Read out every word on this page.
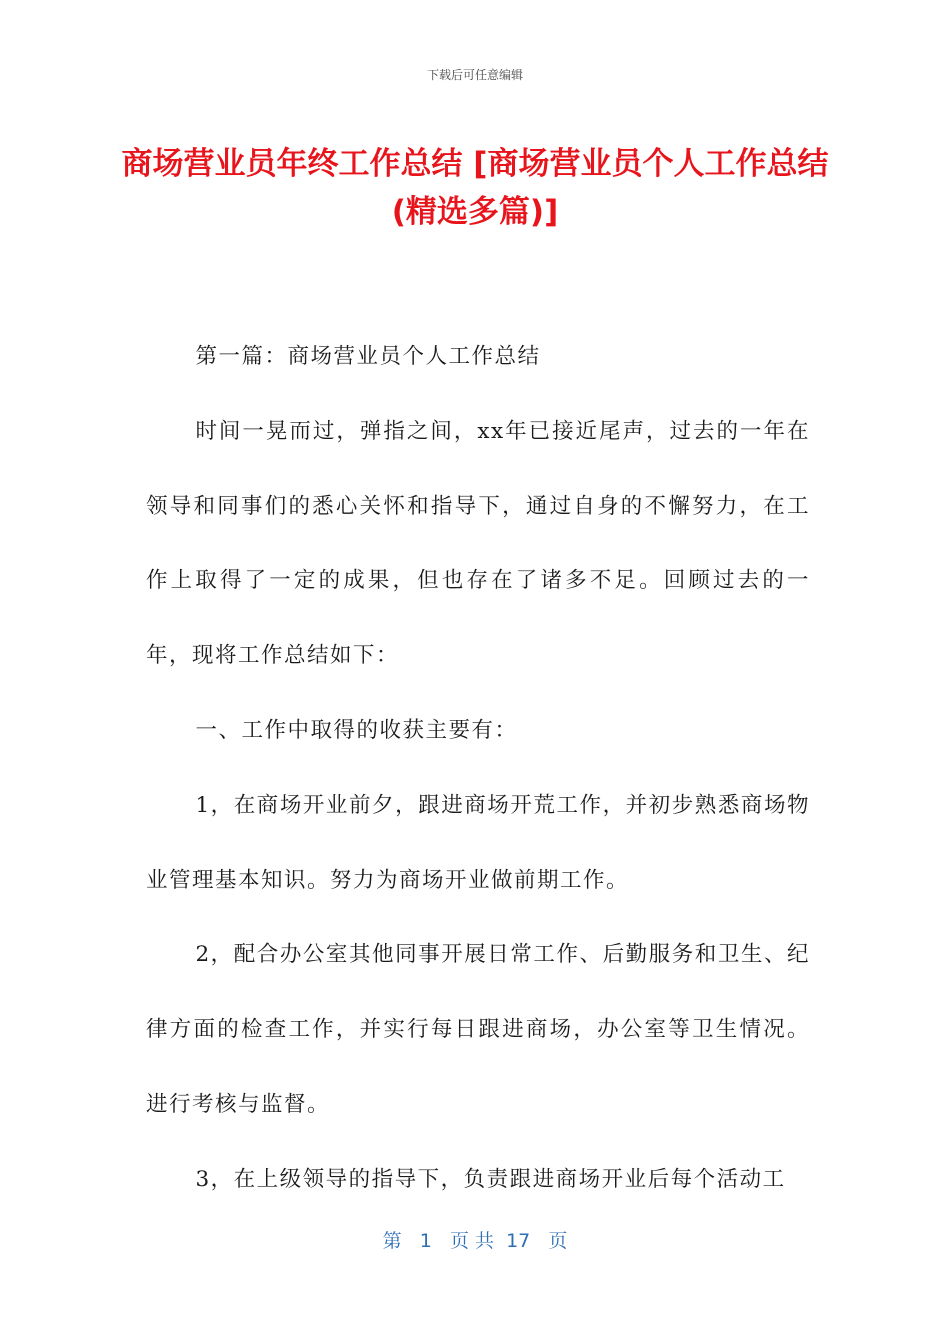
下载后可任意编辑
商场营业员年终工作总结 [商场营业员个人工作总结(精选多篇)]

第一篇：商场营业员个人工作总结

时间一晃而过，弹指之间，xx年已接近尾声，过去的一年在领导和同事们的悉心关怀和指导下，通过自身的不懈努力，在工作上取得了一定的成果，但也存在了诸多不足。回顾过去的一年，现将工作总结如下：

一、工作中取得的收获主要有：

1，在商场开业前夕，跟进商场开荒工作，并初步熟悉商场物业管理基本知识。努力为商场开业做前期工作。

2，配合办公室其他同事开展日常工作、后勤服务和卫生、纪律方面的检查工作，并实行每日跟进商场，办公室等卫生情况。进行考核与监督。

3，在上级领导的指导下，负责跟进商场开业后每个活动工

第 1 页 共 17 页
